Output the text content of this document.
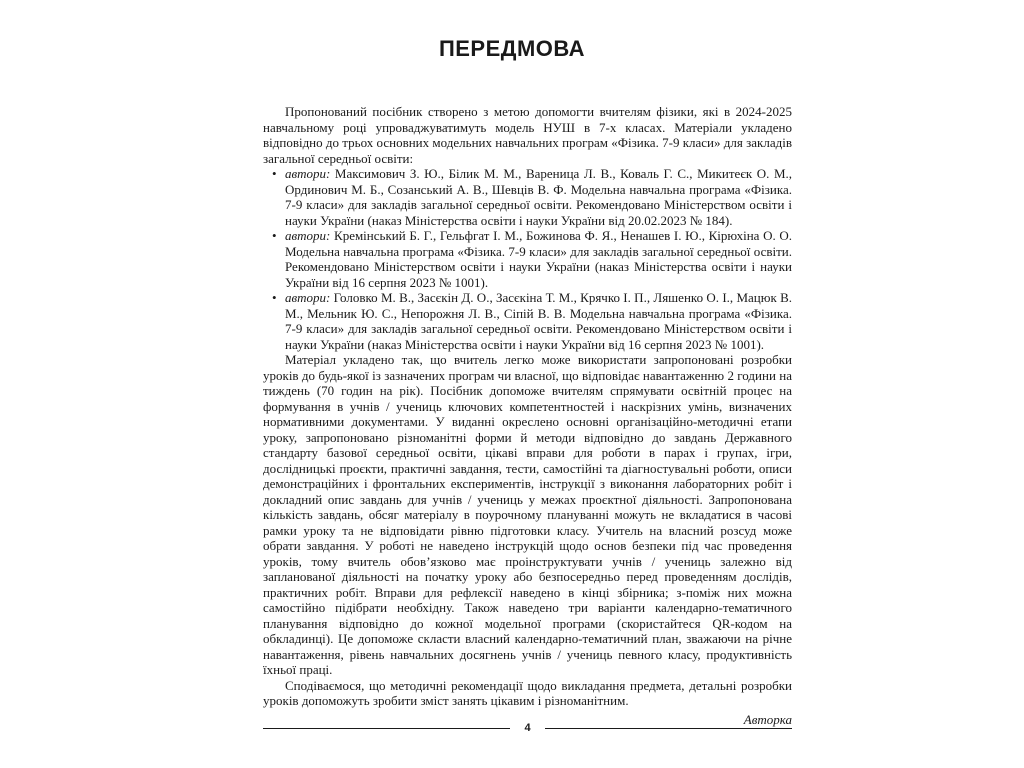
ПЕРЕДМОВА

Пропонований посібник створено з метою допомогти вчителям фізики, які в 2024-2025 навчальному році упроваджуватимуть модель НУШ в 7-х класах. Матеріали укладено відповідно до трьох основних модельних навчальних програм «Фізика. 7-9 класи» для закладів загальної середньої освіти:

• автори: Максимович З. Ю., Білик М. М., Вареница Л. В., Коваль Г. С., Микитеєк О. М., Ординович М. Б., Созанський А. В., Шевців В. Ф. Модельна навчальна програма «Фізика. 7-9 класи» для закладів загальної середньої освіти. Рекомендовано Міністерством освіти і науки України (наказ Міністерства освіти і науки України від 20.02.2023 № 184).
• автори: Кремінський Б. Г., Гельфгат І. М., Божинова Ф. Я., Ненашев І. Ю., Кірюхіна О. О. Модельна навчальна програма «Фізика. 7-9 класи» для закладів загальної середньої освіти. Рекомендовано Міністерством освіти і науки України (наказ Міністерства освіти і науки України від 16 серпня 2023 № 1001).
• автори: Головко М. В., Засєкін Д. О., Засєкіна Т. М., Крячко І. П., Ляшенко О. І., Мацюк В. М., Мельник Ю. С., Непорожня Л. В., Сіпій В. В. Модельна навчальна програма «Фізика. 7-9 класи» для закладів загальної середньої освіти. Рекомендовано Міністерством освіти і науки України (наказ Міністерства освіти і науки України від 16 серпня 2023 № 1001).

Матеріал укладено так, що вчитель легко може використати запропоновані розробки уроків до будь-якої із зазначених програм чи власної, що відповідає навантаженню 2 години на тиждень (70 годин на рік). Посібник допоможе вчителям спрямувати освітній процес на формування в учнів / учениць ключових компетентностей і наскрізних умінь, визначених нормативними документами. У виданні окреслено основні організаційно-методичні етапи уроку, запропоновано різноманітні форми й методи відповідно до завдань Державного стандарту базової середньої освіти, цікаві вправи для роботи в парах і групах, ігри, дослідницькі проєкти, практичні завдання, тести, самостійні та діагностувальні роботи, описи демонстраційних і фронтальних експериментів, інструкції з виконання лабораторних робіт і докладний опис завдань для учнів / учениць у межах проєктної діяльності. Запропонована кількість завдань, обсяг матеріалу в поурочному плануванні можуть не вкладатися в часові рамки уроку та не відповідати рівню підготовки класу. Учитель на власний розсуд може обрати завдання. У роботі не наведено інструкцій щодо основ безпеки під час проведення уроків, тому вчитель обов’язково має проінструктувати учнів / учениць залежно від запланованої діяльності на початку уроку або безпосередньо перед проведенням дослідів, практичних робіт. Вправи для рефлексії наведено в кінці збірника; з-поміж них можна самостійно підібрати необхідну. Також наведено три варіанти календарно-тематичного планування відповідно до кожної модельної програми (скористайтеся QR-кодом на обкладинці). Це допоможе скласти власний календарно-тематичний план, зважаючи на річне навантаження, рівень навчальних досягнень учнів / учениць певного класу, продуктивність їхньої праці.

Сподіваємося, що методичні рекомендації щодо викладання предмета, детальні розробки уроків допоможуть зробити зміст занять цікавим і різноманітним.

Авторка
4
